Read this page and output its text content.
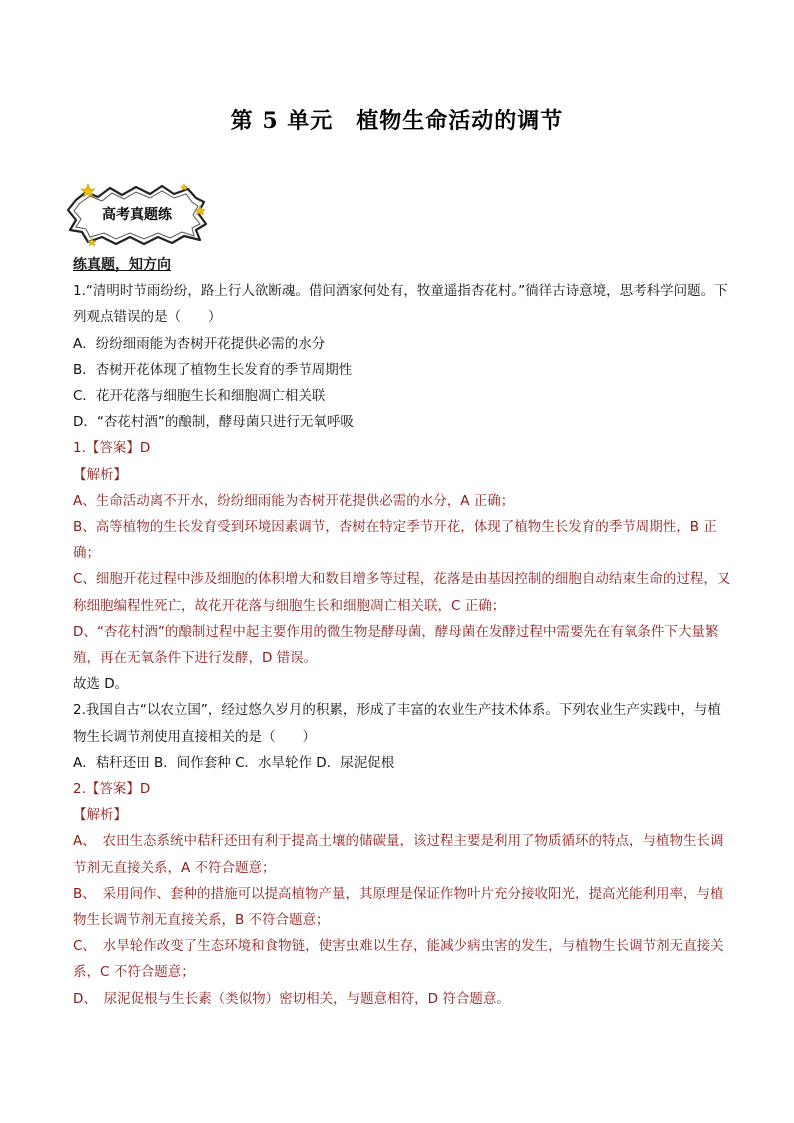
第 5 单元　植物生命活动的调节
高考真题练
练真题，知方向
1.“清明时节雨纷纷，路上行人欲断魂。借问酒家何处有，牧童遥指杏花村。”徜徉古诗意境，思考科学问题。下列观点错误的是（　　）
A．纷纷细雨能为杏树开花提供必需的水分
B．杏树开花体现了植物生长发育的季节周期性
C．花开花落与细胞生长和细胞凋亡相关联
D．“杏花村酒”的酿制，酵母菌只进行无氧呼吸
1.【答案】D
【解析】
A、生命活动离不开水，纷纷细雨能为杏树开花提供必需的水分，A 正确；
B、高等植物的生长发育受到环境因素调节，杏树在特定季节开花，体现了植物生长发育的季节周期性，B 正确；
C、细胞开花过程中涉及细胞的体积增大和数目增多等过程，花落是由基因控制的细胞自动结束生命的过程，又称细胞编程性死亡，故花开花落与细胞生长和细胞凋亡相关联，C 正确；
D、“杏花村酒”的酿制过程中起主要作用的微生物是酵母菌，酵母菌在发酵过程中需要先在有氧条件下大量繁殖，再在无氧条件下进行发酵，D 错误。
故选 D。
2.我国自古“以农立国”，经过悠久岁月的积累，形成了丰富的农业生产技术体系。下列农业生产实践中，与植物生长调节剂使用直接相关的是（　　）
A．秸秆还田 B．间作套种 C．水旱轮作 D．尿泥促根
2.【答案】D
【解析】
A、　农田生态系统中秸秆还田有利于提高土壤的储碳量，该过程主要是利用了物质循环的特点，与植物生长调节剂无直接关系，A 不符合题意；
B、　采用间作、套种的措施可以提高植物产量，其原理是保证作物叶片充分接收阳光，提高光能利用率，与植物生长调节剂无直接关系，B 不符合题意；
C、　水旱轮作改变了生态环境和食物链，使害虫难以生存，能减少病虫害的发生，与植物生长调节剂无直接关系，C 不符合题意；
D、　尿泥促根与生长素（类似物）密切相关，与题意相符，D 符合题意。
